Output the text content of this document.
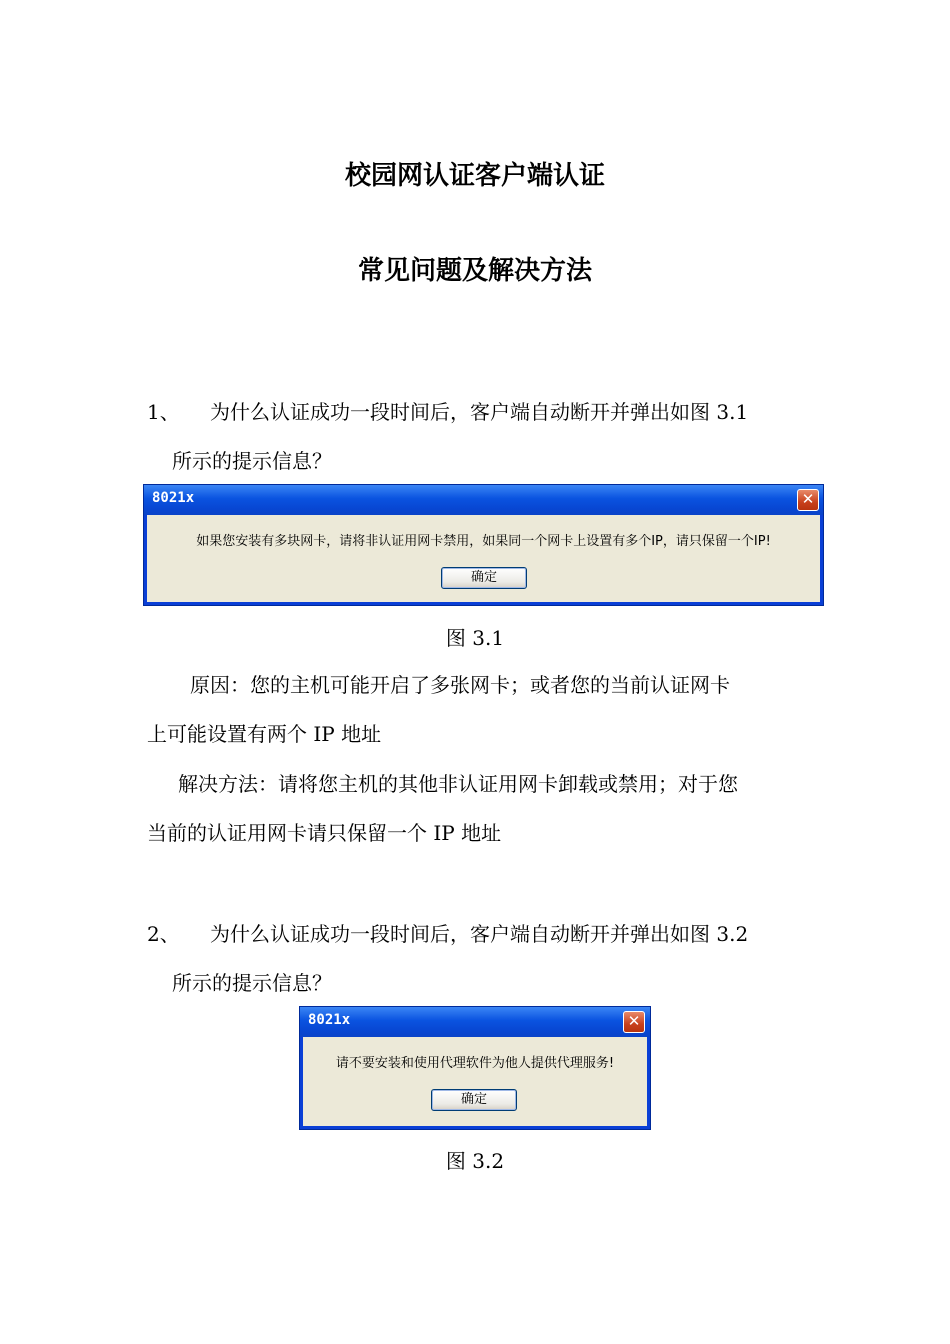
校园网认证客户端认证
常见问题及解决方法
1、 为什么认证成功一段时间后，客户端自动断开并弹出如图 3.1
所示的提示信息？
8021x	✕
如果您安装有多块网卡，请将非认证用网卡禁用，如果同一个网卡上设置有多个IP，请只保留一个IP!
确定
图 3.1
原因：您的主机可能开启了多张网卡；或者您的当前认证网卡
上可能设置有两个 IP 地址
解决方法：请将您主机的其他非认证用网卡卸载或禁用；对于您
当前的认证用网卡请只保留一个 IP 地址
2、 为什么认证成功一段时间后，客户端自动断开并弹出如图 3.2
所示的提示信息？
8021x	✕
请不要安装和使用代理软件为他人提供代理服务!
确定
图 3.2
